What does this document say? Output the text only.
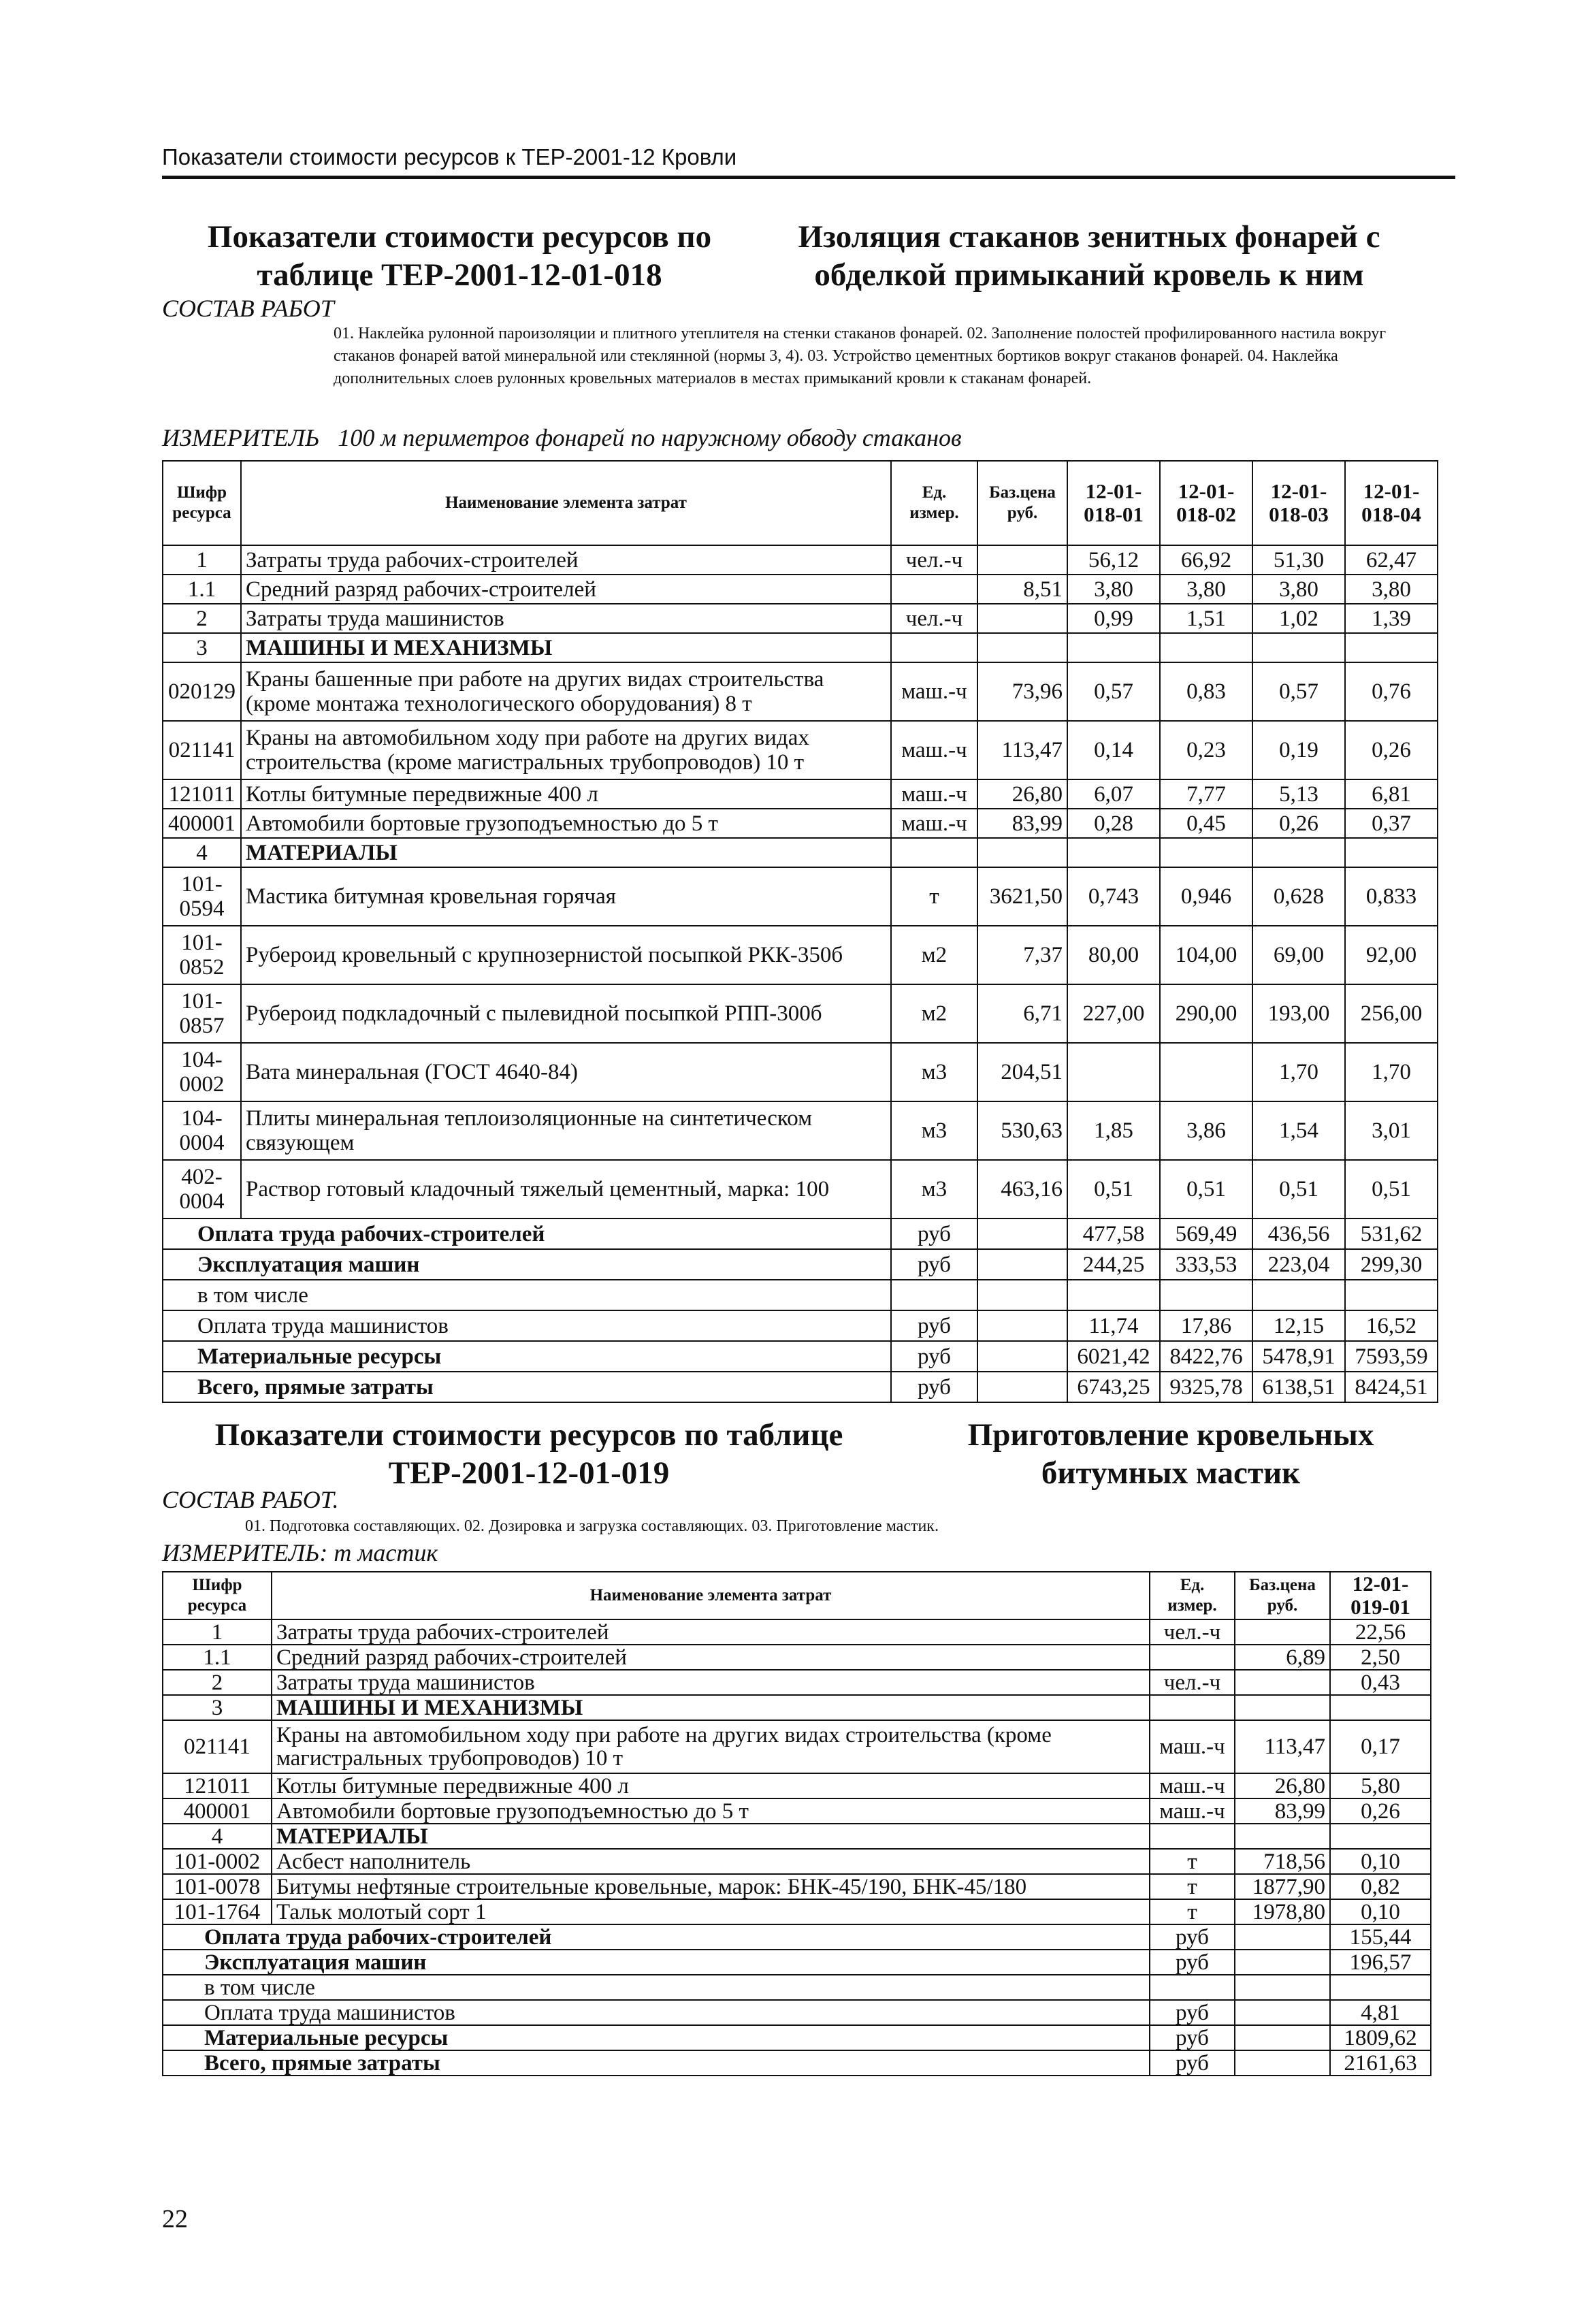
Показатели стоимости ресурсов к ТЕР-2001-12 Кровли
Показатели стоимости ресурсов по таблице ТЕР-2001-12-01-018
Изоляция стаканов зенитных фонарей с обделкой примыканий кровель к ним
СОСТАВ РАБОТ
01. Наклейка рулонной пароизоляции и плитного утеплителя на стенки стаканов фонарей. 02. Заполнение полостей профилированного настила вокруг стаканов фонарей ватой минеральной или стеклянной (нормы 3, 4). 03. Устройство цементных бортиков вокруг стаканов фонарей. 04. Наклейка дополнительных слоев рулонных кровельных материалов в местах примыканий кровли к стаканам фонарей.
ИЗМЕРИТЕЛЬ 100 м периметров фонарей по наружному обводу стаканов
Шифр ресурса	Наименование элемента затрат	Ед. измер.	Баз.цена руб.	12-01-018-01	12-01-018-02	12-01-018-03	12-01-018-04
1	Затраты труда рабочих-строителей	чел.-ч		56,12	66,92	51,30	62,47
1.1	Средний разряд рабочих-строителей		8,51	3,80	3,80	3,80	3,80
2	Затраты труда машинистов	чел.-ч		0,99	1,51	1,02	1,39
3	МАШИНЫ И МЕХАНИЗМЫ						
020129	Краны башенные при работе на других видах строительства (кроме монтажа технологического оборудования) 8 т	маш.-ч	73,96	0,57	0,83	0,57	0,76
021141	Краны на автомобильном ходу при работе на других видах строительства (кроме магистральных трубопроводов) 10 т	маш.-ч	113,47	0,14	0,23	0,19	0,26
121011	Котлы битумные передвижные 400 л	маш.-ч	26,80	6,07	7,77	5,13	6,81
400001	Автомобили бортовые грузоподъемностью до 5 т	маш.-ч	83,99	0,28	0,45	0,26	0,37
4	МАТЕРИАЛЫ						
101-0594	Мастика битумная кровельная горячая	т	3621,50	0,743	0,946	0,628	0,833
101-0852	Рубероид кровельный с крупнозернистой посыпкой РКК-350б	м2	7,37	80,00	104,00	69,00	92,00
101-0857	Рубероид подкладочный с пылевидной посыпкой РПП-300б	м2	6,71	227,00	290,00	193,00	256,00
104-0002	Вата минеральная (ГОСТ 4640-84)	м3	204,51			1,70	1,70
104-0004	Плиты минеральная теплоизоляционные на синтетическом связующем	м3	530,63	1,85	3,86	1,54	3,01
402-0004	Раствор готовый кладочный тяжелый цементный, марка: 100	м3	463,16	0,51	0,51	0,51	0,51
Оплата труда рабочих-строителей		руб		477,58	569,49	436,56	531,62
Эксплуатация машин		руб		244,25	333,53	223,04	299,30
в том числе							
Оплата труда машинистов		руб		11,74	17,86	12,15	16,52
Материальные ресурсы		руб		6021,42	8422,76	5478,91	7593,59
Всего, прямые затраты		руб		6743,25	9325,78	6138,51	8424,51
Показатели стоимости ресурсов по таблице ТЕР-2001-12-01-019
Приготовление кровельных битумных мастик
СОСТАВ РАБОТ.
01. Подготовка составляющих. 02. Дозировка и загрузка составляющих. 03. Приготовление мастик.
ИЗМЕРИТЕЛЬ: т мастик
Шифр ресурса	Наименование элемента затрат	Ед. измер.	Баз.цена руб.	12-01-019-01
1	Затраты труда рабочих-строителей	чел.-ч		22,56
1.1	Средний разряд рабочих-строителей		6,89	2,50
2	Затраты труда машинистов	чел.-ч		0,43
3	МАШИНЫ И МЕХАНИЗМЫ			
021141	Краны на автомобильном ходу при работе на других видах строительства (кроме магистральных трубопроводов) 10 т	маш.-ч	113,47	0,17
121011	Котлы битумные передвижные 400 л	маш.-ч	26,80	5,80
400001	Автомобили бортовые грузоподъемностью до 5 т	маш.-ч	83,99	0,26
4	МАТЕРИАЛЫ			
101-0002	Асбест наполнитель	т	718,56	0,10
101-0078	Битумы нефтяные строительные кровельные, марок: БНК-45/190, БНК-45/180	т	1877,90	0,82
101-1764	Тальк молотый сорт 1	т	1978,80	0,10
Оплата труда рабочих-строителей		руб		155,44
Эксплуатация машин		руб		196,57
в том числе				
Оплата труда машинистов		руб		4,81
Материальные ресурсы		руб		1809,62
Всего, прямые затраты		руб		2161,63
22
